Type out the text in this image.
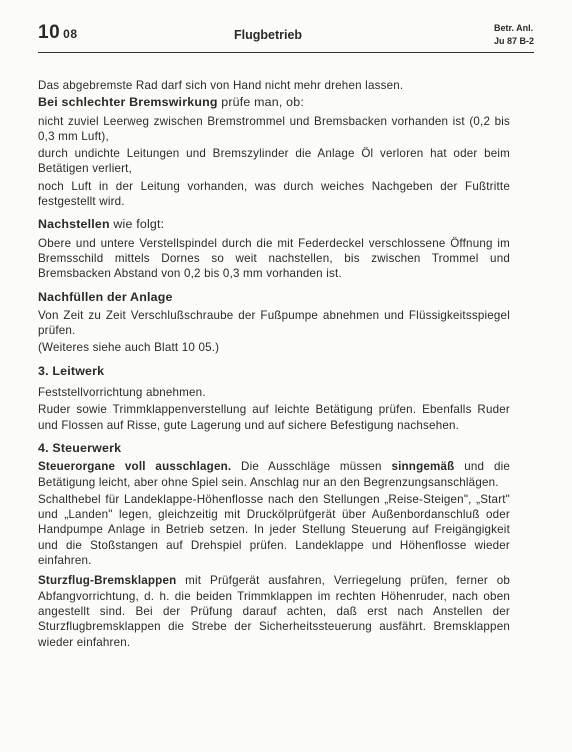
10 08	Flugbetrieb	Betr. Anl.
Ju 87 B-2

Das abgebremste Rad darf sich von Hand nicht mehr drehen lassen.

Bei schlechter Bremswirkung prüfe man, ob:

nicht zuviel Leerweg zwischen Bremstrommel und Bremsbacken vorhanden ist (0,2 bis 0,3 mm Luft),

durch undichte Leitungen und Bremszylinder die Anlage Öl verloren hat oder beim Betätigen verliert,

noch Luft in der Leitung vorhanden, was durch weiches Nachgeben der Fußtritte festgestellt wird.

Nachstellen wie folgt:

Obere und untere Verstellspindel durch die mit Federdeckel verschlossene Öffnung im Bremsschild mittels Dornes so weit nachstellen, bis zwischen Trommel und Bremsbacken Abstand von 0,2 bis 0,3 mm vorhanden ist.

Nachfüllen der Anlage

Von Zeit zu Zeit Verschlußschraube der Fußpumpe abnehmen und Flüssigkeitsspiegel prüfen.

(Weiteres siehe auch Blatt 10 05.)

3. Leitwerk

Feststellvorrichtung abnehmen.

Ruder sowie Trimmklappenverstellung auf leichte Betätigung prüfen. Ebenfalls Ruder und Flossen auf Risse, gute Lagerung und auf sichere Befestigung nachsehen.

4. Steuerwerk

Steuerorgane voll ausschlagen. Die Ausschläge müssen sinngemäß und die Betätigung leicht, aber ohne Spiel sein. Anschlag nur an den Begrenzungsanschlägen.

Schalthebel für Landeklappe-Höhenflosse nach den Stellungen „Reise-Steigen", „Start" und „Landen" legen, gleichzeitig mit Druckölprüfgerät über Außenbordanschluß oder Handpumpe Anlage in Betrieb setzen. In jeder Stellung Steuerung auf Freigängigkeit und die Stoßstangen auf Drehspiel prüfen. Landeklappe und Höhenflosse wieder einfahren.

Sturzflug-Bremsklappen mit Prüfgerät ausfahren, Verriegelung prüfen, ferner ob Abfangvorrichtung, d. h. die beiden Trimmklappen im rechten Höhenruder, nach oben angestellt sind. Bei der Prüfung darauf achten, daß erst nach Anstellen der Sturzflugbremsklappen die Strebe der Sicherheitssteuerung ausfährt. Bremsklappen wieder einfahren.
